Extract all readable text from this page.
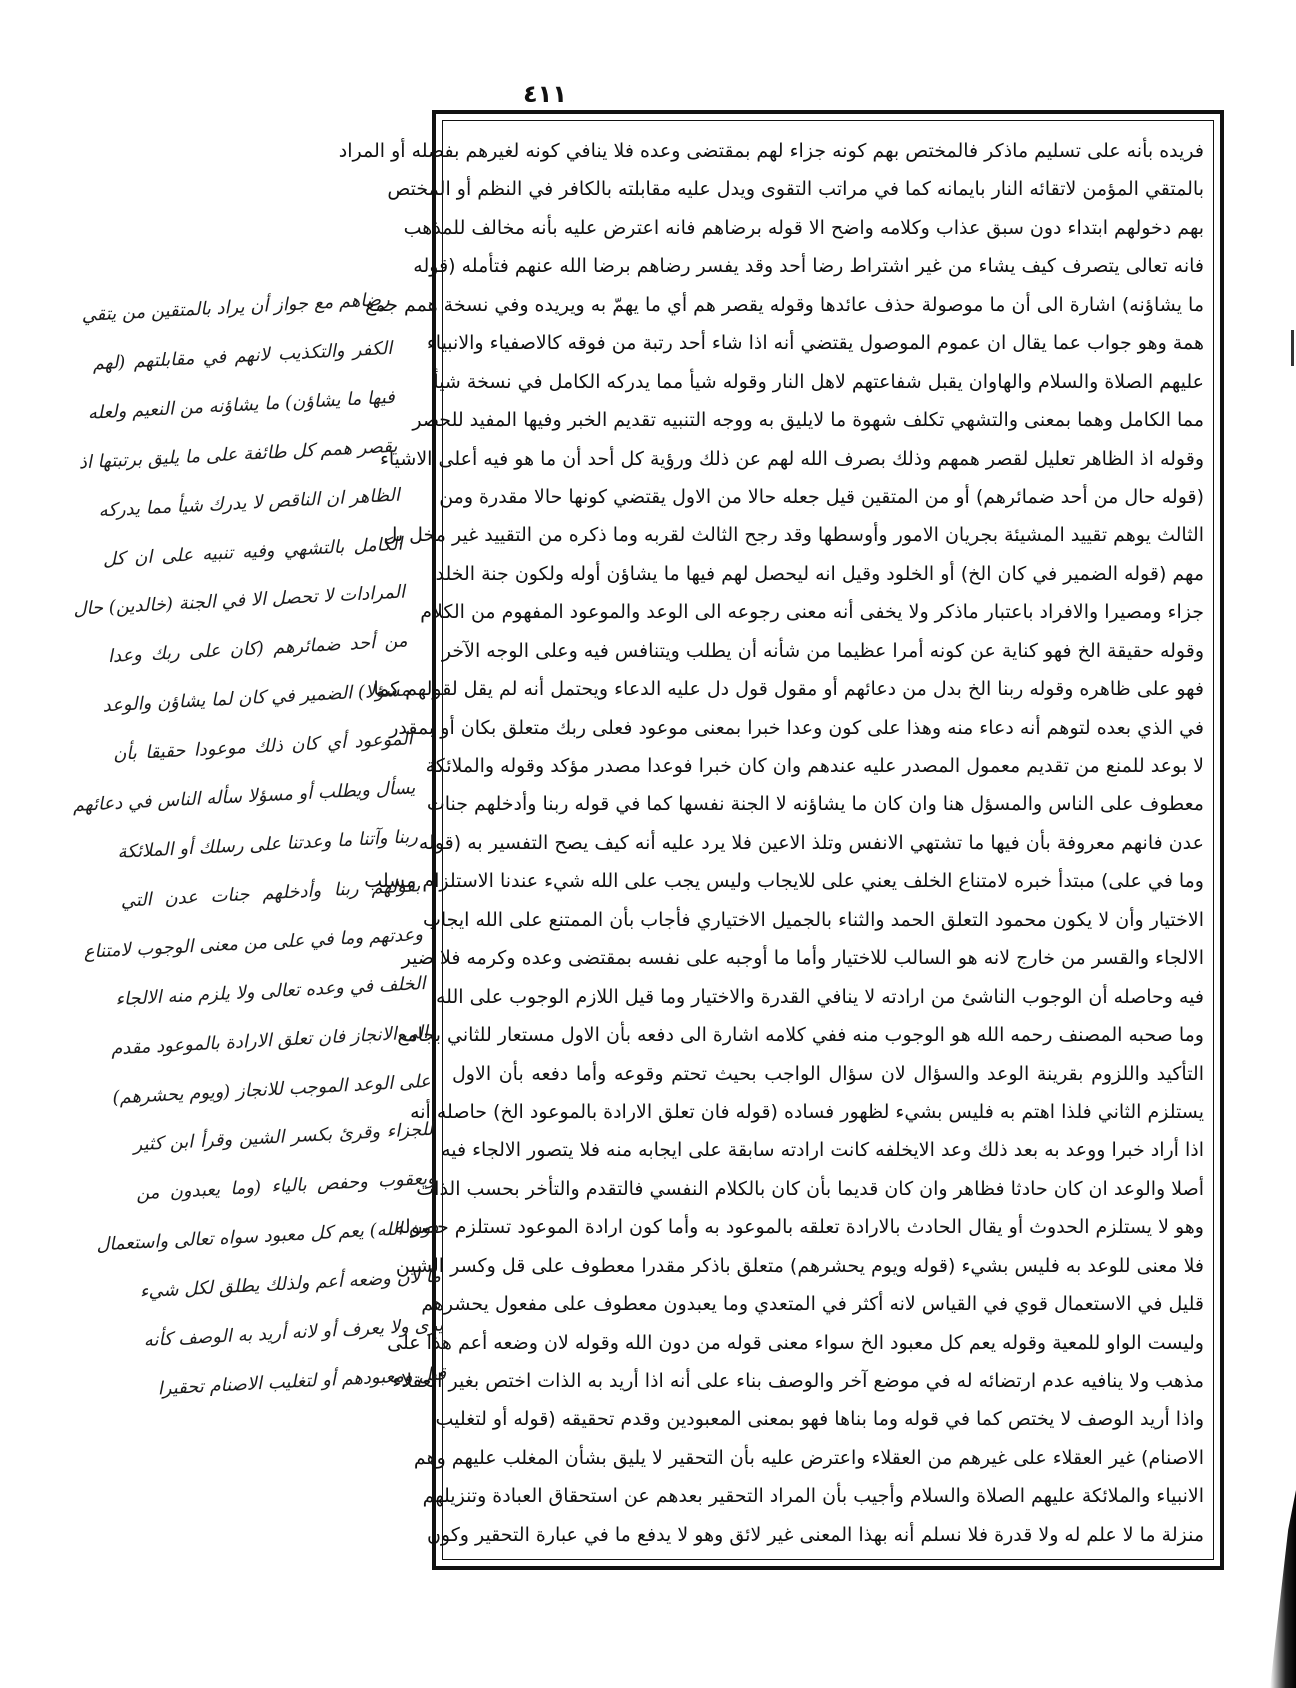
٤١١
فريده بأنه على تسليم ماذكر فالمختص بهم كونه جزاء لهم بمقتضى وعده فلا ينافي كونه لغيرهم بفضله أو المراد
بالمتقي المؤمن لاتقائه النار بايمانه كما في مراتب التقوى ويدل عليه مقابلته بالكافر في النظم أو المختص
بهم دخولهم ابتداء دون سبق عذاب وكلامه واضح الا قوله برضاهم فانه اعترض عليه بأنه مخالف للمذهب
فانه تعالى يتصرف كيف يشاء من غير اشتراط رضا أحد وقد يفسر رضاهم برضا الله عنهم فتأمله (قوله
ما يشاؤنه) اشارة الى أن ما موصولة حذف عائدها وقوله يقصر هم أي ما يهمّ به ويريده وفي نسخة همم جمع
همة وهو جواب عما يقال ان عموم الموصول يقتضي أنه اذا شاء أحد رتبة من فوقه كالاصفياء والانبياء
عليهم الصلاة والسلام والهاوان يقبل شفاعتهم لاهل النار وقوله شيأ مما يدركه الكامل في نسخة شيأ
مما الكامل وهما بمعنى والتشهي تكلف شهوة ما لايليق به ووجه التنبيه تقديم الخبر وفيها المفيد للحصر
وقوله اذ الظاهر تعليل لقصر همهم وذلك بصرف الله لهم عن ذلك ورؤية كل أحد أن ما هو فيه أعلى الاشياء
(قوله حال من أحد ضمائرهم) أو من المتقين قيل جعله حالا من الاول يقتضي كونها حالا مقدرة ومن
الثالث يوهم تقييد المشيئة بجريان الامور وأوسطها وقد رجح الثالث لقربه وما ذكره من التقييد غير مخل بل
مهم (قوله الضمير في كان الخ) أو الخلود وقيل انه ليحصل لهم فيها ما يشاؤن أوله ولكون جنة الخلد
جزاء ومصيرا والافراد باعتبار ماذكر ولا يخفى أنه معنى رجوعه الى الوعد والموعود المفهوم من الكلام
وقوله حقيقة الخ فهو كناية عن كونه أمرا عظيما من شأنه أن يطلب ويتنافس فيه وعلى الوجه الآخر
فهو على ظاهره وقوله ربنا الخ بدل من دعائهم أو مقول قول دل عليه الدعاء ويحتمل أنه لم يقل لقولهم كما
في الذي بعده لتوهم أنه دعاء منه وهذا على كون وعدا خبرا بمعنى موعود فعلى ربك متعلق بكان أو بمقدر
لا بوعد للمنع من تقديم معمول المصدر عليه عندهم وان كان خبرا فوعدا مصدر مؤكد وقوله والملائكة
معطوف على الناس والمسؤل هنا وان كان ما يشاؤنه لا الجنة نفسها كما في قوله ربنا وأدخلهم جنات
عدن فانهم معروفة بأن فيها ما تشتهي الانفس وتلذ الاعين فلا يرد عليه أنه كيف يصح التفسير به (قوله
وما في على) مبتدأ خبره لامتناع الخلف يعني على للايجاب وليس يجب على الله شيء عندنا الاستلزام مسلب
الاختيار وأن لا يكون محمود التعلق الحمد والثناء بالجميل الاختياري فأجاب بأن الممتنع على الله ايجاب
الالجاء والقسر من خارج لانه هو السالب للاختيار وأما ما أوجبه على نفسه بمقتضى وعده وكرمه فلا ضير
فيه وحاصله أن الوجوب الناشئ من ارادته لا ينافي القدرة والاختيار وما قيل اللازم الوجوب على الله
وما صحبه المصنف رحمه الله هو الوجوب منه ففي كلامه اشارة الى دفعه بأن الاول مستعار للثاني بجامع
التأكيد واللزوم بقرينة الوعد والسؤال لان سؤال الواجب بحيث تحتم وقوعه وأما دفعه بأن الاول
يستلزم الثاني فلذا اهتم به فليس بشيء لظهور فساده (قوله فان تعلق الارادة بالموعود الخ) حاصله أنه
اذا أراد خبرا ووعد به بعد ذلك وعد الايخلفه كانت ارادته سابقة على ايجابه منه فلا يتصور الالجاء فيه
أصلا والوعد ان كان حادثا فظاهر وان كان قديما بأن كان بالكلام النفسي فالتقدم والتأخر بحسب الذات
وهو لا يستلزم الحدوث أو يقال الحادث بالارادة تعلقه بالموعود به وأما كون ارادة الموعود تستلزم حصوله
فلا معنى للوعد به فليس بشيء (قوله ويوم يحشرهم) متعلق باذكر مقدرا معطوف على قل وكسر الشين
قليل في الاستعمال قوي في القياس لانه أكثر في المتعدي وما يعبدون معطوف على مفعول يحشرهم
وليست الواو للمعية وقوله يعم كل معبود الخ سواء معنى قوله من دون الله وقوله لان وضعه أعم هذا على
مذهب ولا ينافيه عدم ارتضائه له في موضع آخر والوصف بناء على أنه اذا أريد به الذات اختص بغير العقلاء
واذا أريد الوصف لا يختص كما في قوله وما بناها فهو بمعنى المعبودين وقدم تحقيقه (قوله أو لتغليب
الاصنام) غير العقلاء على غيرهم من العقلاء واعترض عليه بأن التحقير لا يليق بشأن المغلب عليهم وهم
الانبياء والملائكة عليهم الصلاة والسلام وأجيب بأن المراد التحقير بعدهم عن استحقاق العبادة وتنزيلهم
منزلة ما لا علم له ولا قدرة فلا نسلم أنه بهذا المعنى غير لائق وهو لا يدفع ما في عبارة التحقير وكون
رضاهم مع جواز أن يراد بالمتقين من يتقي
الكفر والتكذيب لانهم في مقابلتهم (لهم
فيها ما يشاؤن) ما يشاؤنه من النعيم ولعله
يقصر همم كل طائفة على ما يليق برتبتها اذ
الظاهر ان الناقص لا يدرك شيأ مما يدركه
الكامل بالتشهي وفيه تنبيه على ان كل
المرادات لا تحصل الا في الجنة (خالدين) حال
من أحد ضمائرهم (كان على ربك وعدا
مسؤلا) الضمير في كان لما يشاؤن والوعد
الموعود أي كان ذلك موعودا حقيقا بأن
يسأل ويطلب أو مسؤلا سأله الناس في دعائهم
ربنا وآتنا ما وعدتنا على رسلك أو الملائكة
بقولهم ربنا وأدخلهم جنات عدن التي
وعدتهم وما في على من معنى الوجوب لامتناع
الخلف في وعده تعالى ولا يلزم منه الالجاء
الى الانجاز فان تعلق الارادة بالموعود مقدم
على الوعد الموجب للانجاز (ويوم يحشرهم)
للجزاء وقرئ بكسر الشين وقرأ ابن كثير
ويعقوب وحفص بالياء (وما يعبدون من
دون الله) يعم كل معبود سواه تعالى واستعمال
ما لان وضعه أعم ولذلك يطلق لكل شيء
يرى ولا يعرف أو لانه أريد به الوصف كأنه
قيل ومعبودهم أو لتغليب الاصنام تحقيرا
